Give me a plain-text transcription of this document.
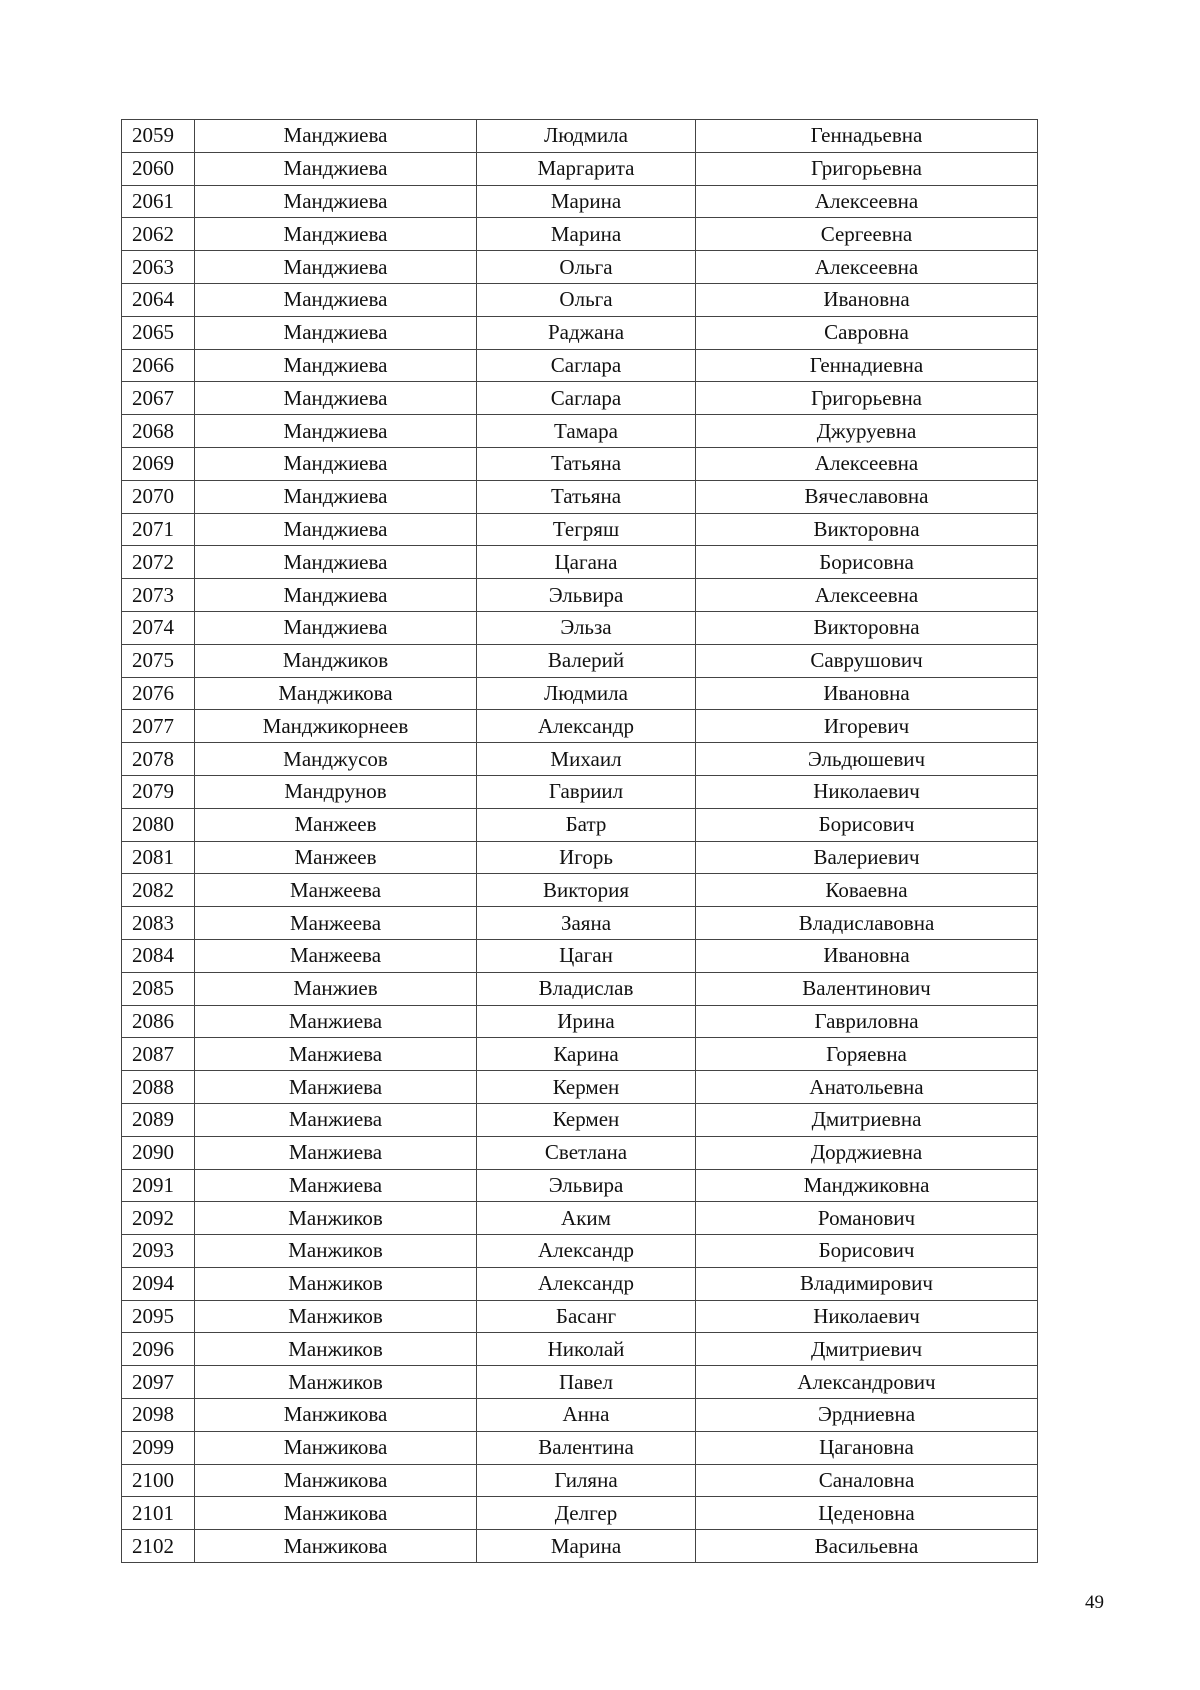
2059	Манджиева	Людмила	Геннадьевна
2060	Манджиева	Маргарита	Григорьевна
2061	Манджиева	Марина	Алексеевна
2062	Манджиева	Марина	Сергеевна
2063	Манджиева	Ольга	Алексеевна
2064	Манджиева	Ольга	Ивановна
2065	Манджиева	Раджана	Савровна
2066	Манджиева	Саглара	Геннадиевна
2067	Манджиева	Саглара	Григорьевна
2068	Манджиева	Тамара	Джуруевна
2069	Манджиева	Татьяна	Алексеевна
2070	Манджиева	Татьяна	Вячеславовна
2071	Манджиева	Тегряш	Викторовна
2072	Манджиева	Цагана	Борисовна
2073	Манджиева	Эльвира	Алексеевна
2074	Манджиева	Эльза	Викторовна
2075	Манджиков	Валерий	Саврушович
2076	Манджикова	Людмила	Ивановна
2077	Манджикорнеев	Александр	Игоревич
2078	Манджусов	Михаил	Эльдюшевич
2079	Мандрунов	Гавриил	Николаевич
2080	Манжеев	Батр	Борисович
2081	Манжеев	Игорь	Валериевич
2082	Манжеева	Виктория	Коваевна
2083	Манжеева	Заяна	Владиславовна
2084	Манжеева	Цаган	Ивановна
2085	Манжиев	Владислав	Валентинович
2086	Манжиева	Ирина	Гавриловна
2087	Манжиева	Карина	Горяевна
2088	Манжиева	Кермен	Анатольевна
2089	Манжиева	Кермен	Дмитриевна
2090	Манжиева	Светлана	Дорджиевна
2091	Манжиева	Эльвира	Манджиковна
2092	Манжиков	Аким	Романович
2093	Манжиков	Александр	Борисович
2094	Манжиков	Александр	Владимирович
2095	Манжиков	Басанг	Николаевич
2096	Манжиков	Николай	Дмитриевич
2097	Манжиков	Павел	Александрович
2098	Манжикова	Анна	Эрдниевна
2099	Манжикова	Валентина	Цагановна
2100	Манжикова	Гиляна	Саналовна
2101	Манжикова	Делгер	Цеденовна
2102	Манжикова	Марина	Васильевна
49
